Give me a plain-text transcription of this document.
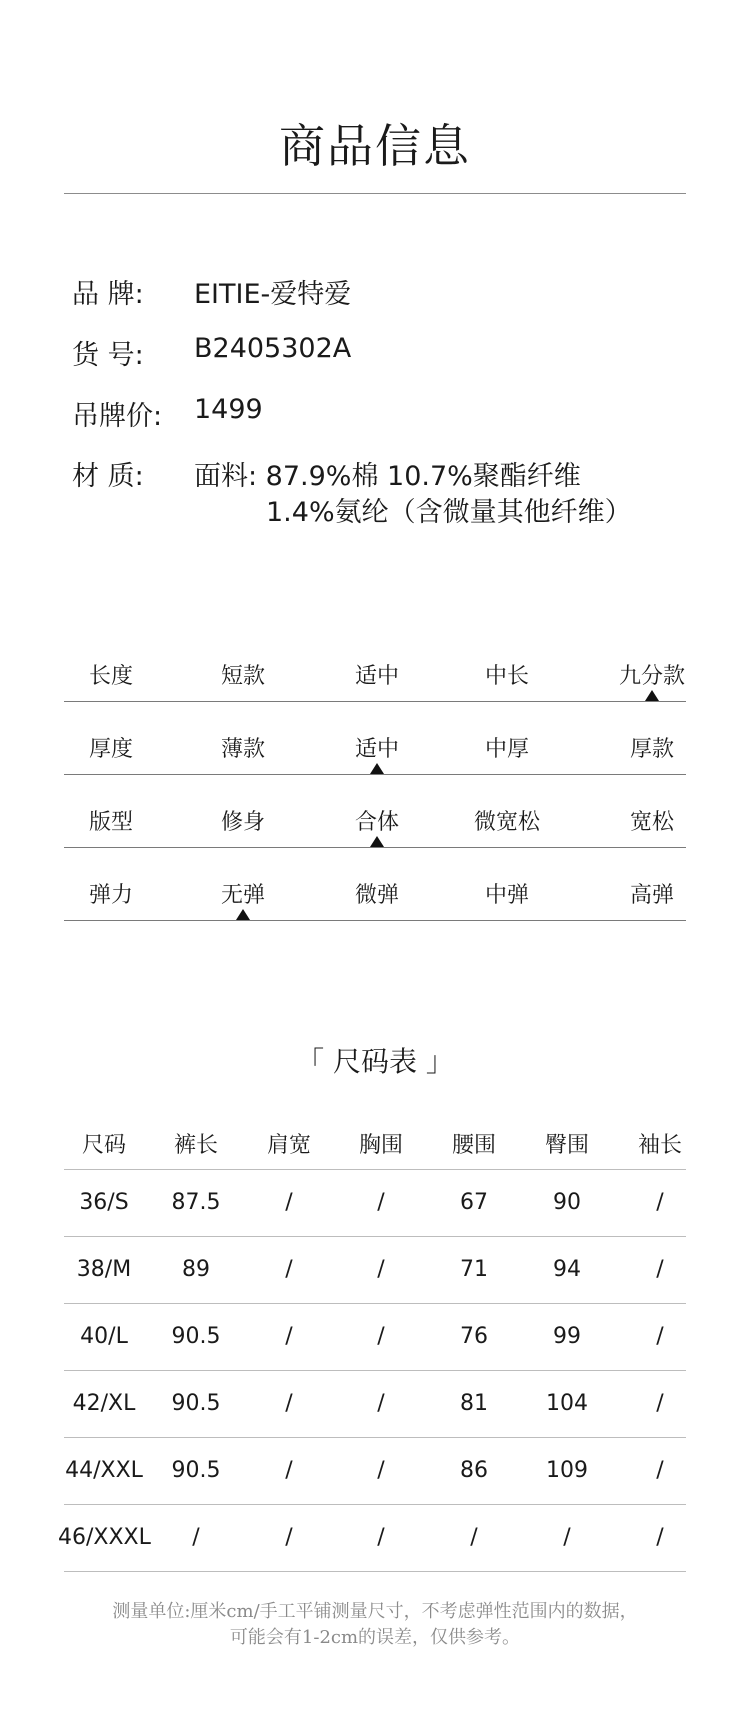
商品信息
品 牌: EITIE-爱特爱
货 号: B2405302A
吊牌价: 1499
材 质: 面料: 87.9%棉 10.7%聚酯纤维
1.4%氨纶（含微量其他纤维）
长度	短款	适中	中长	九分款
厚度	薄款	适中	中厚	厚款
版型	修身	合体	微宽松	宽松
弹力	无弹	微弹	中弹	高弹
「 尺码表 」
尺码	裤长	肩宽	胸围	腰围	臀围	袖长
36/S	87.5	/	/	67	90	/
38/M	89	/	/	71	94	/
40/L	90.5	/	/	76	99	/
42/XL	90.5	/	/	81	104	/
44/XXL	90.5	/	/	86	109	/
46/XXXL	/	/	/	/	/	/
测量单位:厘米cm/手工平铺测量尺寸，不考虑弹性范围内的数据，
可能会有1-2cm的误差，仅供参考。
